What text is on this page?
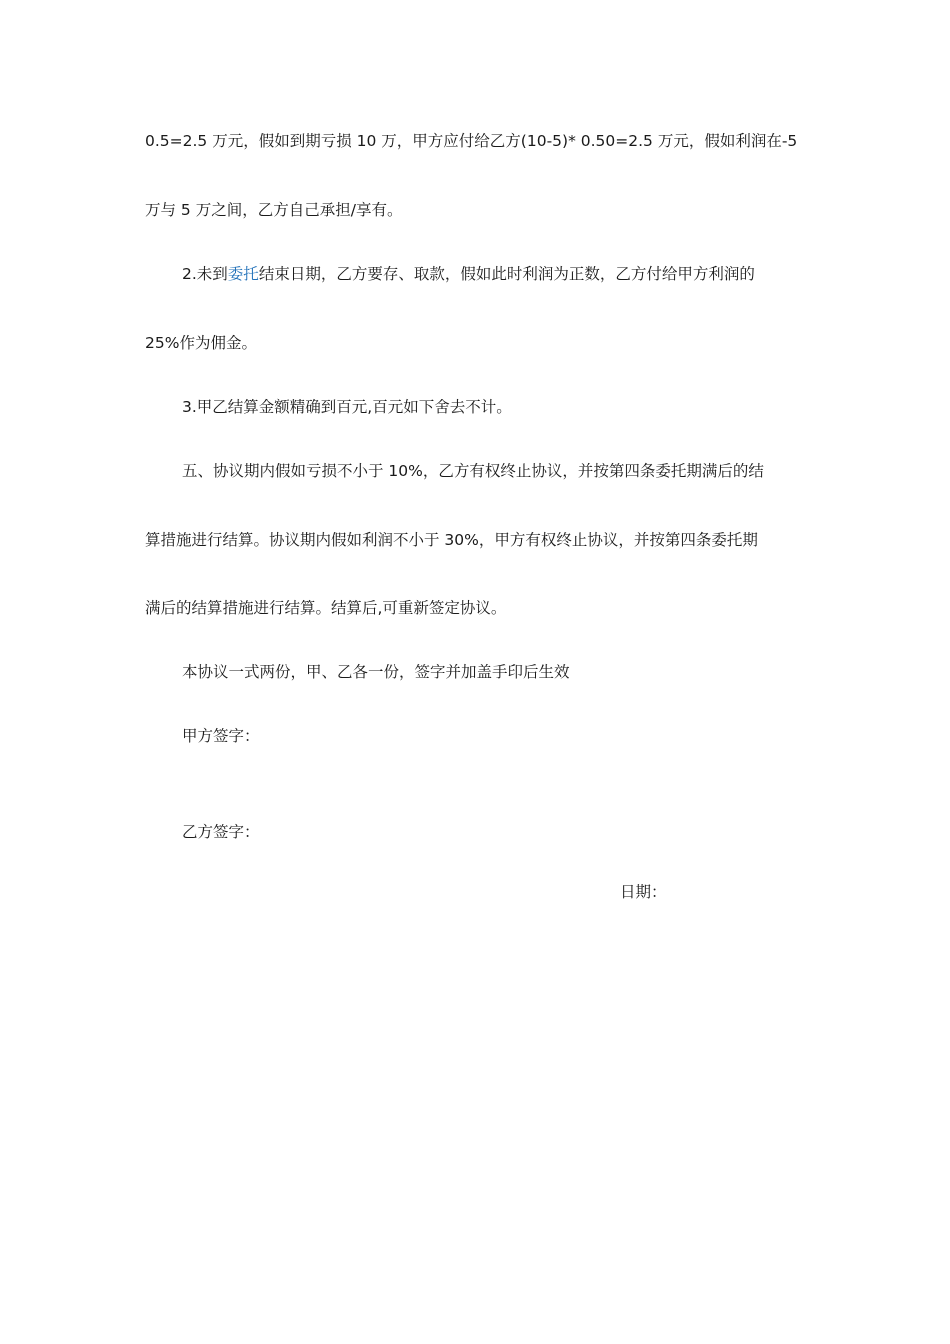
0.5=2.5 万元，假如到期亏损 10 万，甲方应付给乙方(10-5)* 0.50=2.5 万元，假如利润在-5
万与 5 万之间，乙方自己承担/享有。
2.未到委托结束日期，乙方要存、取款，假如此时利润为正数，乙方付给甲方利润的
25%作为佣金。
3.甲乙结算金额精确到百元,百元如下舍去不计。
五、协议期内假如亏损不小于 10%，乙方有权终止协议，并按第四条委托期满后的结
算措施进行结算。协议期内假如利润不小于 30%，甲方有权终止协议，并按第四条委托期
满后的结算措施进行结算。结算后,可重新签定协议。
本协议一式两份，甲、乙各一份，签字并加盖手印后生效
甲方签字：
乙方签字：
日期：
